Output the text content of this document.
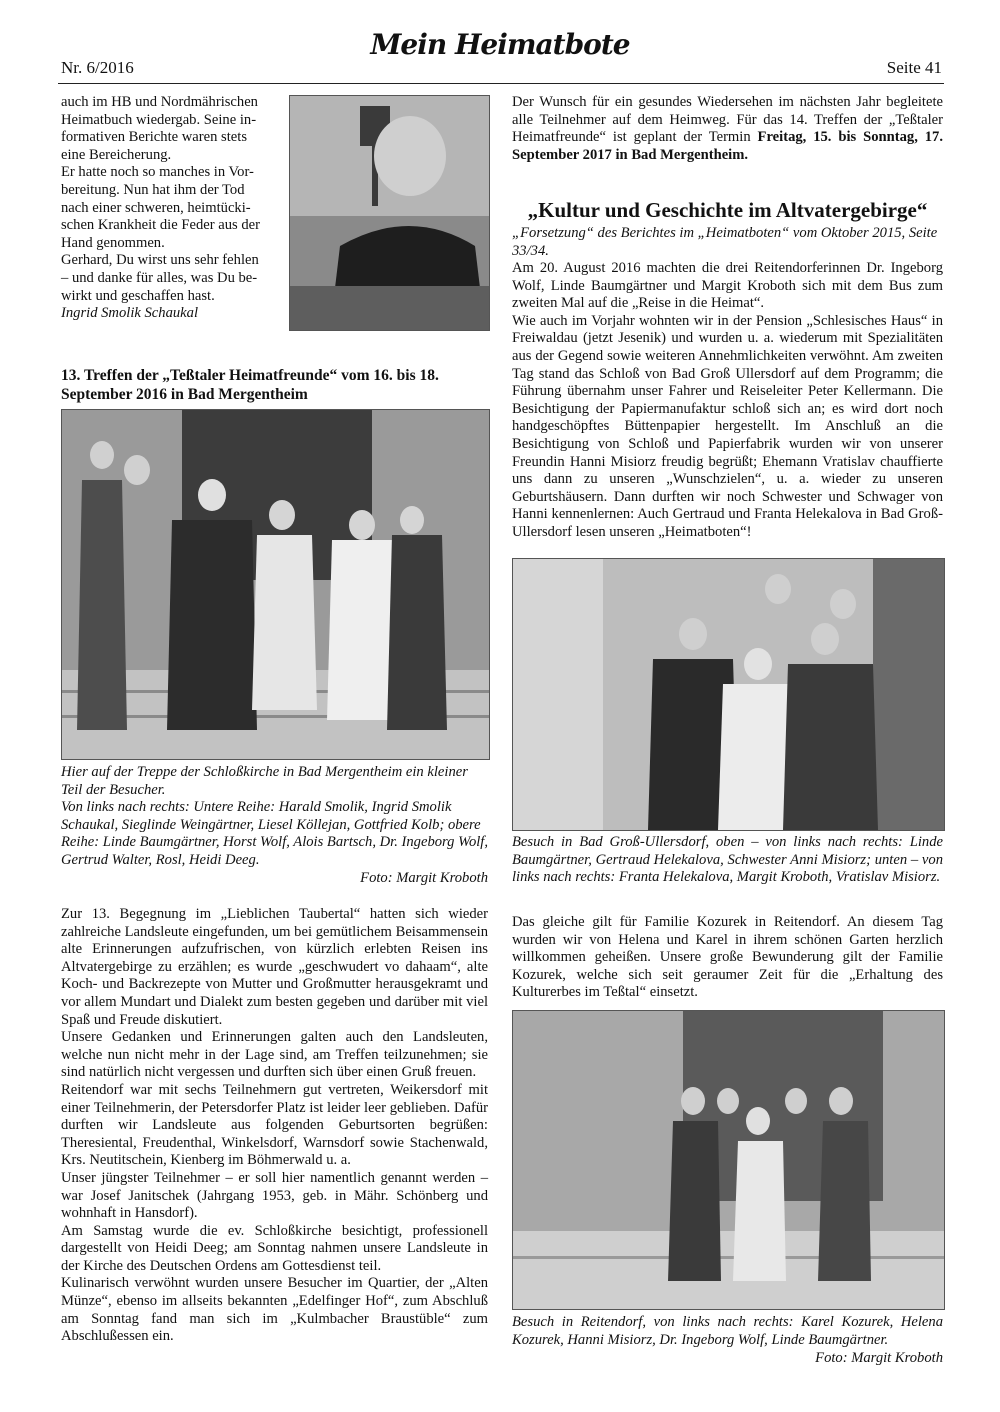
Nr. 6/2016
Mein Heimatbote
Seite 41

auch im HB und Nordmährischen

Heimatbuch wiedergab. Seine in-

formativen Berichte waren stets

eine Bereicherung.

Er hatte noch so manches in Vor-

bereitung. Nun hat ihm der Tod

nach einer schweren, heimtücki-

schen Krankheit die Feder aus der

Hand genommen.

Gerhard, Du wirst uns sehr fehlen

– und danke für alles, was Du be-

wirkt und geschaffen hast.

Ingrid Smolik Schaukal

13. Treffen der „Teßtaler Heimatfreunde“ vom 16. bis 18. September 2016 in Bad Mergentheim

Hier auf der Treppe der Schloßkirche in Bad Mergentheim ein kleiner Teil der Besucher.

Von links nach rechts: Untere Reihe: Harald Smolik, Ingrid Smolik Schaukal, Sieglinde Weingärtner, Liesel Köllejan, Gottfried Kolb; obere Reihe: Linde Baumgärtner, Horst Wolf, Alois Bartsch, Dr. Ingeborg Wolf, Gertrud Walter, Rosl, Heidi Deeg.

Foto: Margit Kroboth

Zur 13. Begegnung im „Lieblichen Taubertal“ hatten sich wieder zahlreiche Landsleute eingefunden, um bei gemütlichem Beisammensein alte Erinnerungen aufzufrischen, von kürzlich erlebten Reisen ins Altvatergebirge zu erzählen; es wurde „geschwudert vo dahaam“, alte Koch- und Backrezepte von Mutter und Großmutter herausgekramt und vor allem Mundart und Dialekt zum besten gegeben und darüber mit viel Spaß und Freude diskutiert.

Unsere Gedanken und Erinnerungen galten auch den Landsleuten, welche nun nicht mehr in der Lage sind, am Treffen teilzunehmen; sie sind natürlich nicht vergessen und durften sich über einen Gruß freuen.

Reitendorf war mit sechs Teilnehmern gut vertreten, Weikersdorf mit einer Teilnehmerin, der Petersdorfer Platz ist leider leer geblieben. Dafür durften wir Landsleute aus folgenden Geburtsorten begrüßen: Theresiental, Freudenthal, Winkelsdorf, Warnsdorf sowie Stachenwald, Krs. Neutitschein, Kienberg im Böhmerwald u. a.

Unser jüngster Teilnehmer – er soll hier namentlich genannt werden – war Josef Janitschek (Jahrgang 1953, geb. in Mähr. Schönberg und wohnhaft in Hansdorf).

Am Samstag wurde die ev. Schloßkirche besichtigt, professionell dargestellt von Heidi Deeg; am Sonntag nahmen unsere Landsleute in der Kirche des Deutschen Ordens am Gottesdienst teil.

Kulinarisch verwöhnt wurden unsere Besucher im Quartier, der „Alten Münze“, ebenso im allseits bekannten „Edelfinger Hof“, zum Abschluß am Sonntag fand man sich im „Kulmbacher Braustüble“ zum Abschlußessen ein.

Der Wunsch für ein gesundes Wiedersehen im nächsten Jahr begleitete alle Teilnehmer auf dem Heimweg. Für das 14. Treffen der „Teßtaler Heimatfreunde“ ist geplant der Termin Freitag, 15. bis Sonntag, 17. September 2017 in Bad Mergentheim.
„Kultur und Geschichte im Altvatergebirge“
„Forsetzung“ des Berichtes im „Heimatboten“ vom Oktober 2015, Seite 33/34.

Am 20. August 2016 machten die drei Reitendorferinnen Dr. Ingeborg Wolf, Linde Baumgärtner und Margit Kroboth sich mit dem Bus zum zweiten Mal auf die „Reise in die Heimat“.

Wie auch im Vorjahr wohnten wir in der Pension „Schlesisches Haus“ in Freiwaldau (jetzt Jesenik) und wurden u. a. wiederum mit Spezialitäten aus der Gegend sowie weiteren Annehmlichkeiten verwöhnt. Am zweiten Tag stand das Schloß von Bad Groß Ullersdorf auf dem Programm; die Führung übernahm unser Fahrer und Reiseleiter Peter Kellermann. Die Besichtigung der Papiermanufaktur schloß sich an; es wird dort noch handgeschöpftes Büttenpapier hergestellt. Im Anschluß an die Besichtigung von Schloß und Papierfabrik wurden wir von unserer Freundin Hanni Misiorz freudig begrüßt; Ehemann Vratislav chauffierte uns dann zu unseren „Wunschzielen“, u. a. wieder zu unseren Geburtshäusern. Dann durften wir noch Schwester und Schwager von Hanni kennenlernen: Auch Gertraud und Franta Helekalova in Bad Groß-Ullersdorf lesen unseren „Heimatboten“!

Besuch in Bad Groß-Ullersdorf, oben – von links nach rechts: Linde Baumgärtner, Gertraud Helekalova, Schwester Anni Misiorz; unten – von links nach rechts: Franta Helekalova, Margit Kroboth, Vratislav Misiorz.
Das gleiche gilt für Familie Kozurek in Reitendorf. An diesem Tag wurden wir von Helena und Karel in ihrem schönen Garten herzlich willkommen geheißen. Unsere große Bewunderung gilt der Familie Kozurek, welche sich seit geraumer Zeit für die „Erhaltung des Kulturerbes im Teßtal“ einsetzt.
Besuch in Reitendorf, von links nach rechts: Karel Kozurek, Helena Kozurek, Hanni Misiorz, Dr. Ingeborg Wolf, Linde Baumgärtner.
Foto: Margit Kroboth
